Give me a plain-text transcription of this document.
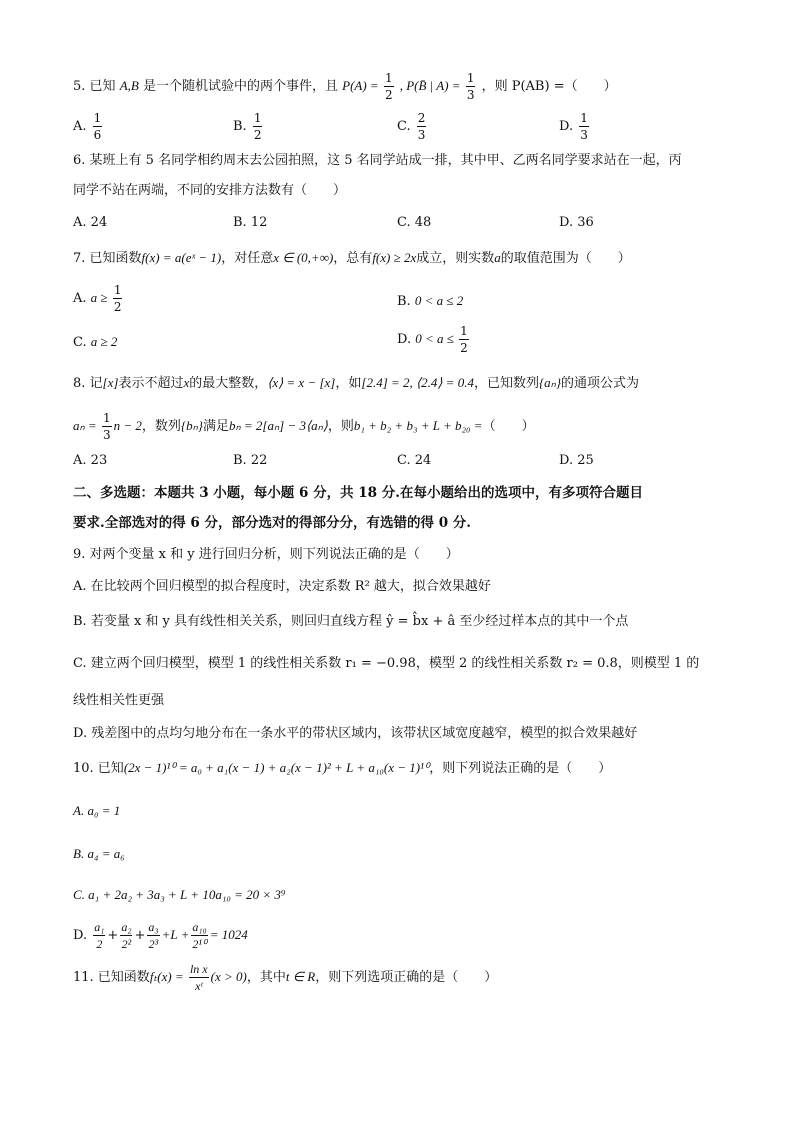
5. 已知 A,B 是一个随机试验中的两个事件，且 $P(A) = \frac{1}{2}$ , P(B̄ | $A) = \frac{1}{3}$ ，则 P(AB) =（　　）
A. $\frac{1}{6}$	B. $\frac{1}{2}$	C. $\frac{2}{3}$	D. $\frac{1}{3}$
6. 某班上有 5 名同学相约周末去公园拍照，这 5 名同学站成一排，其中甲、乙两名同学要求站在一起，丙
同学不站在两端，不同的安排方法数有（　　）
A. 24	B. 12	C. 48	D. 36
7. 已知函数f(x) = a(eˣ − 1)，对任意x ∈ (0,+∞)，总有f(x) ≥ 2x成立，则实数a的取值范围为（　　）
A. $a \ge \frac{1}{2}$	B. 0 < a ≤ 2
C. a ≥ 2	D. $0 < a \le \frac{1}{2}$
8. 记[x]表示不超过x的最大整数，⟨x⟩ = x − [x]，如[2.4] = 2, ⟨2.4⟩ = 0.4，已知数列{aₙ}的通项公式为
$a_n = \frac{1}{3}$ n − 2，数列{bₙ}满足bₙ = 2[aₙ] − 3⟨aₙ⟩，则b₁ + b₂ + b₃ + L + b₂₀ =（　　）
A. 23	B. 22	C. 24	D. 25
二、多选题：本题共 3 小题，每小题 6 分，共 18 分.在每小题给出的选项中，有多项符合题目
要求.全部选对的得 6 分，部分选对的得部分分，有选错的得 0 分.
9. 对两个变量 x 和 y 进行回归分析，则下列说法正确的是（　　）
A. 在比较两个回归模型的拟合程度时，决定系数 R² 越大，拟合效果越好
B. 若变量 x 和 y 具有线性相关关系，则回归直线方程 ŷ = b̂x + â 至少经过样本点的其中一个点
C. 建立两个回归模型，模型 1 的线性相关系数 r₁ = −0.98，模型 2 的线性相关系数 r₂ = 0.8，则模型 1 的
线性相关性更强
D. 残差图中的点均匀地分布在一条水平的带状区域内，该带状区域宽度越窄，模型的拟合效果越好
10. 已知(2x − 1)¹⁰ = a₀ + a₁(x − 1) + a₂(x − 1)² + L + a₁₀(x − 1)¹⁰，则下列说法正确的是（　　）
A. a₀ = 1
B. a₄ = a₆
C. a₁ + 2a₂ + 3a₃ + L + 10a₁₀ = 20 × 3⁹
D. $\frac{\text{a₁}}{2} + \frac{\text{a₂}}{\text{2²}} + \frac{\text{a₃}}{\text{2³}} +L + \frac{\text{a₁₀}}{\text{2¹⁰}} = 1024$
11. 已知函数$f_t(x) = \frac{\text{ln x}}{\text{xᵗ}} (x > 0)$，其中t ∈ R，则下列选项正确的是（　　）
